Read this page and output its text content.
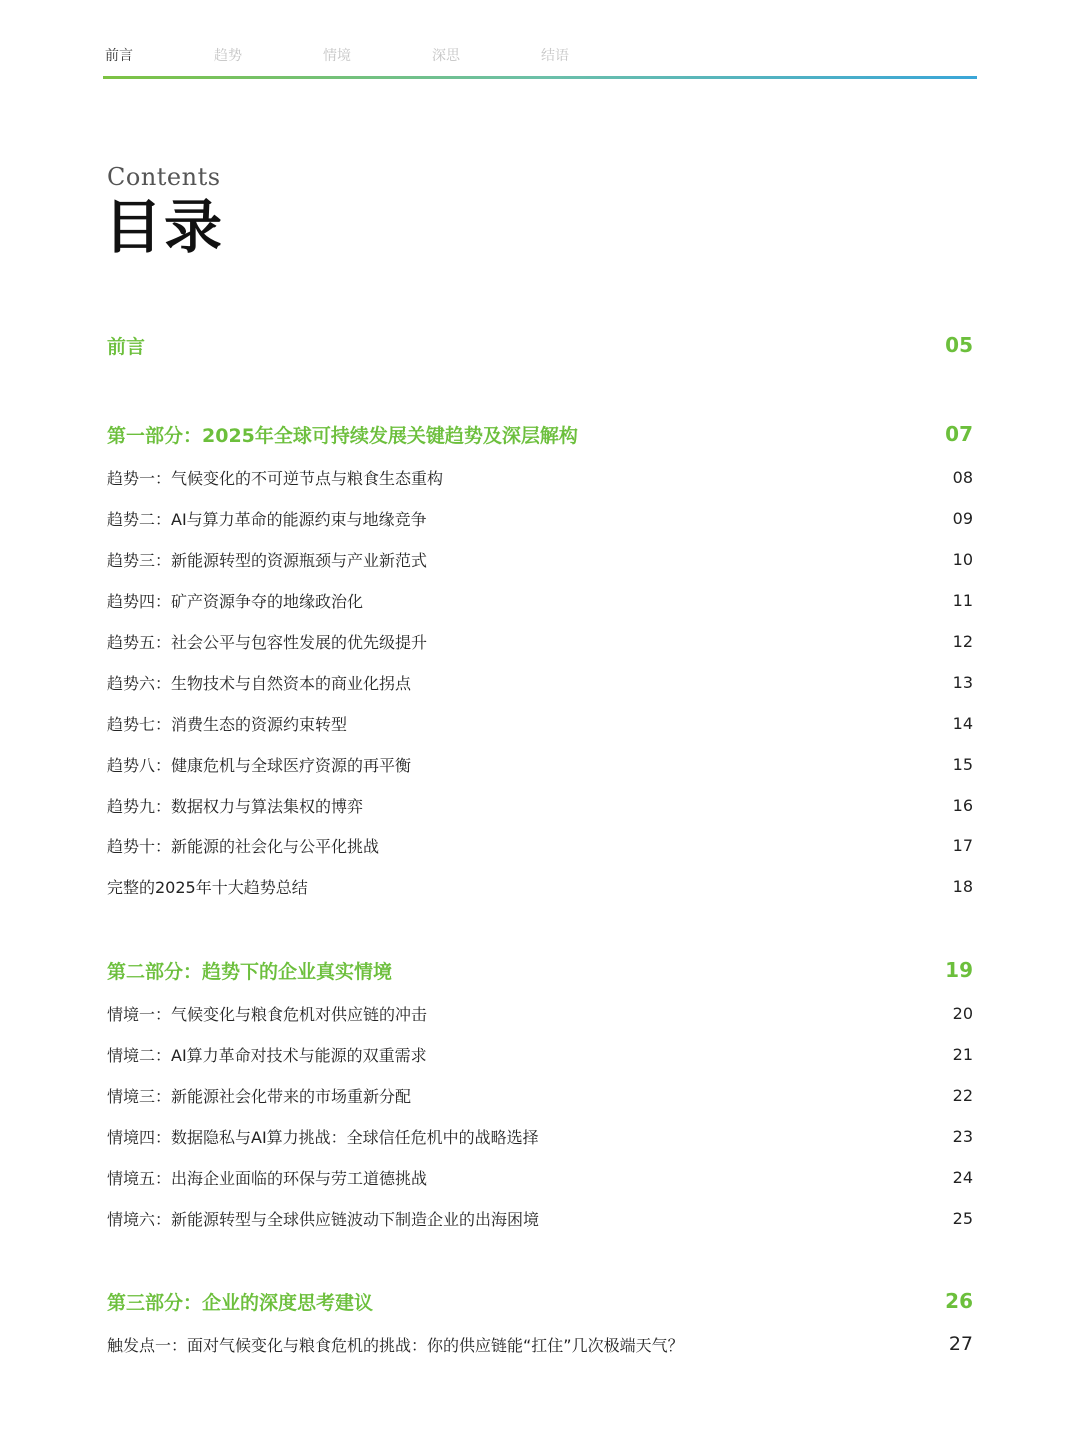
前言	趋势	情境	深思	结语
Contents
目录
前言	05
第一部分：2025年全球可持续发展关键趋势及深层解构	07
趋势一：气候变化的不可逆节点与粮食生态重构	08
趋势二：AI与算力革命的能源约束与地缘竞争	09
趋势三：新能源转型的资源瓶颈与产业新范式	10
趋势四：矿产资源争夺的地缘政治化	11
趋势五：社会公平与包容性发展的优先级提升	12
趋势六：生物技术与自然资本的商业化拐点	13
趋势七：消费生态的资源约束转型	14
趋势八：健康危机与全球医疗资源的再平衡	15
趋势九：数据权力与算法集权的博弈	16
趋势十：新能源的社会化与公平化挑战	17
完整的2025年十大趋势总结	18
第二部分：趋势下的企业真实情境	19
情境一：气候变化与粮食危机对供应链的冲击	20
情境二：AI算力革命对技术与能源的双重需求	21
情境三：新能源社会化带来的市场重新分配	22
情境四：数据隐私与AI算力挑战：全球信任危机中的战略选择	23
情境五：出海企业面临的环保与劳工道德挑战	24
情境六：新能源转型与全球供应链波动下制造企业的出海困境	25
第三部分：企业的深度思考建议	26
触发点一：面对气候变化与粮食危机的挑战：你的供应链能“扛住”几次极端天气？	27
